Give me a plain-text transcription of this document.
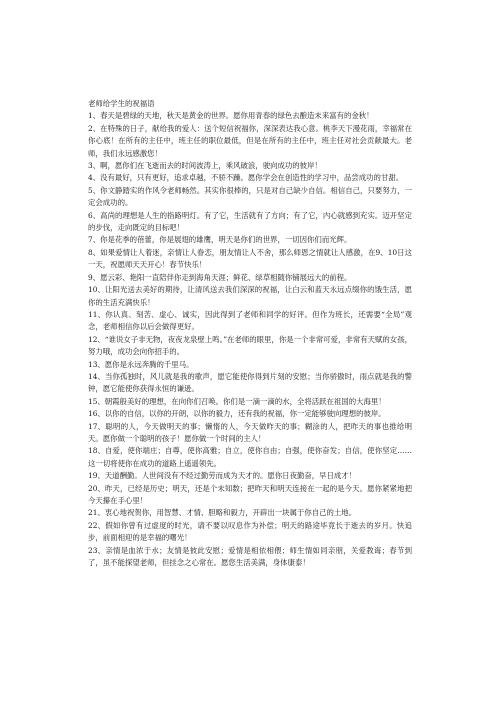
老师给学生的祝福语

1、春天是碧绿的天地，秋天是黄金的世界。愿你用青春的绿色去酿造未来富有的金秋！

2、在特殊的日子，献给我的爱人：送个短信祝福你，深深表达我心意。桃李天下漫花雨，幸福常在你心底！在所有的主任中，班主任的职位最低，但是在所有的主任中，班主任对社会贡献最大。老师，我们永远感激您！

3、啊，愿你们在飞逝而去的时间波涛上，乘风破浪，驶向成功的彼岸！

4、没有最好，只有更好，追求卓越，不骄不躁。愿你学会在创造性的学习中，品尝成功的甘甜。

5、你文静踏实的作风令老师畅然。其实你很棒的，只是对自己缺少自信。相信自己，只要努力，一定会成功的。

6、高尚的理想是人生的指路明灯。有了它，生活就有了方向；有了它，内心就感到充实。迈开坚定的步伐，走向既定的目标吧！

7、你是花季的蓓蕾，你是展翅的雄鹰，明天是你们的世界，一切因你们而光辉。

8、如果爱情让人着迷，亲情让人眷恋，朋友情让人不舍，那么师恩之情就让人感激，在9、10日这一天，祝愿师天天开心！春节快乐！

9、愿云彩、艳阳一直陪伴你走到海角天涯；鲜花、绿草相随你铺展远大的前程。

10、让阳光送去美好的期待，让清风送去我们深深的祝福，让白云和蓝天永远点缀你的饿生活，愿你的生活充满快乐！

11、你认真、刻苦、虚心、诚实，因此得到了老师和同学的好评。但作为班长，还需要“全局”观念，老师相信你以后会做得更好。

12、“谁说女子非无物，夜夜龙泉壁上鸣。”在老师的眼里，你是一个非常可爱，非常有天赋的女孩，努力哦，成功会向你招手的。

13、愿你是永远奔腾的千里马。

14、当你孤独时，风儿就是我的歌声，愿它能使你得到片刻的安慰；当你骄傲时，雨点就是我的警钟，愿它能使你获得永恒的谦逊。

15、朝霞般美好的理想，在向你们召唤。你们是一滴一滴的水，全将活跃在祖国的大海里！

16、以你的自信，以你的开朗，以你的毅力，还有我的祝福，你一定能够驶向理想的彼岸。

17、聪明的人，今天做明天的事；懒惰的人，今天做昨天的事；糊涂的人，把昨天的事也推给明天。愿你做一个聪明的孩子！愿你做一个时间的主人！

18、自爱，使你端庄；自尊，使你高雅；自立，使你自由；自强，使你奋发；自信，使你坚定……这一切将使你在成功的道路上遥遥领先。

19、天道酬勤。人世间没有不经过勤劳而成为天才的。愿你日夜勤奋，早日成才！

20、昨天，已经是历史；明天，还是个未知数；把昨天和明天连接在一起的是今天。愿你紧紧地把今天攥在手心里！

21、衷心地祝贺你，用智慧、才情、胆略和毅力，开辟出一块属于你自己的土地。

22、假如你曾有过虚度的时光，请不要以叹息作为补偿；明天的路途毕竟长于逝去的岁月。快追步，前面相迎的是幸福的曙光！

23、亲情是血浓于水；友情是彼此安慰；爱情是相依相偎；师生情如同亲朋，关爱教诲；春节到了，虽不能探望老师，但挂念之心常在。愿您生活美满，身体康泰！
